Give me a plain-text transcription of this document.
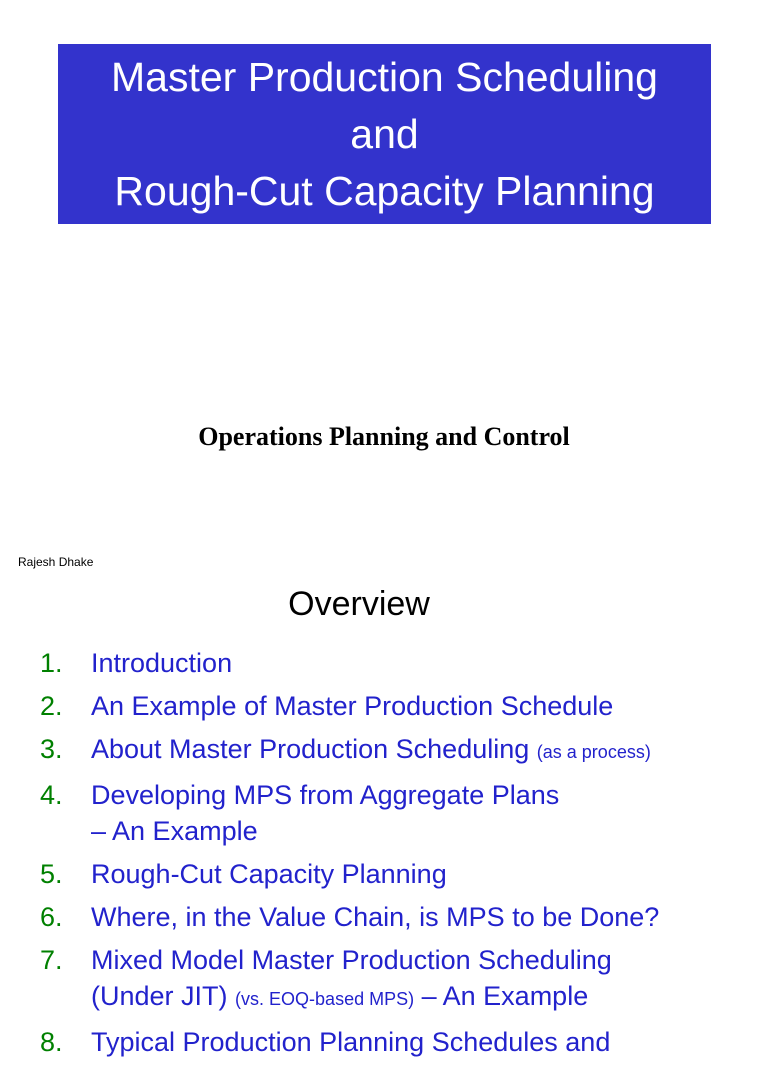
Master Production Scheduling
and
Rough-Cut Capacity Planning
Operations Planning and Control
Rajesh Dhake
Overview
1. Introduction
2. An Example of Master Production Schedule
3. About Master Production Scheduling (as a process)
4. Developing MPS from Aggregate Plans
– An Example
5. Rough-Cut Capacity Planning
6. Where, in the Value Chain, is MPS to be Done?
7. Mixed Model Master Production Scheduling
(Under JIT) (vs. EOQ-based MPS) – An Example
8. Typical Production Planning Schedules and
